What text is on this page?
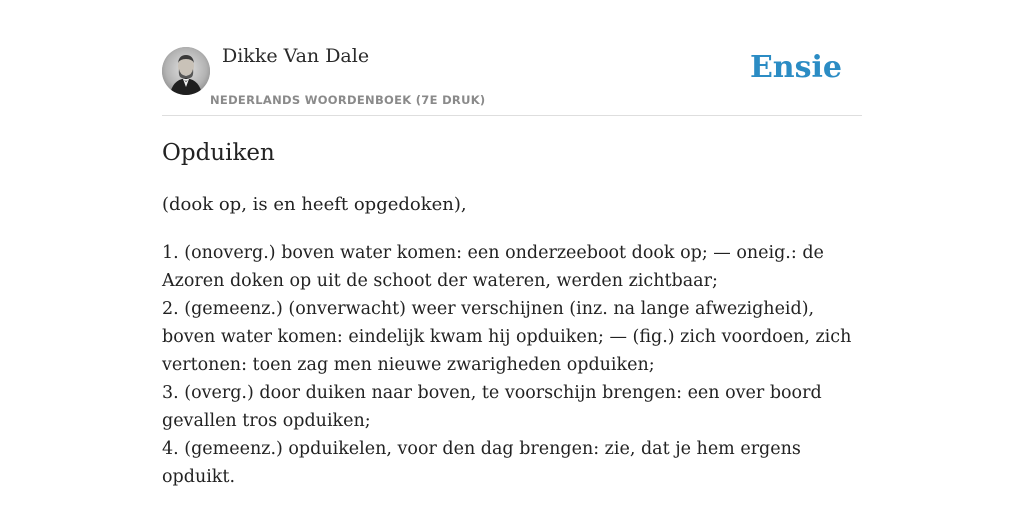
Dikke Van Dale
NEDERLANDS WOORDENBOEK (7E DRUK)
Ensie
Opduiken

(dook op, is en heeft opgedoken),

1. (onoverg.) boven water komen: een onderzeeboot dook op; — oneig.: de Azoren doken op uit de schoot der wateren, werden zichtbaar;
2. (gemeenz.) (onverwacht) weer verschijnen (inz. na lange afwezigheid), boven water komen: eindelijk kwam hij opduiken; — (fig.) zich voordoen, zich vertonen: toen zag men nieuwe zwarigheden opduiken;
3. (overg.) door duiken naar boven, te voorschijn brengen: een over boord gevallen tros opduiken;
4. (gemeenz.) opduikelen, voor den dag brengen: zie, dat je hem ergens opduikt.
